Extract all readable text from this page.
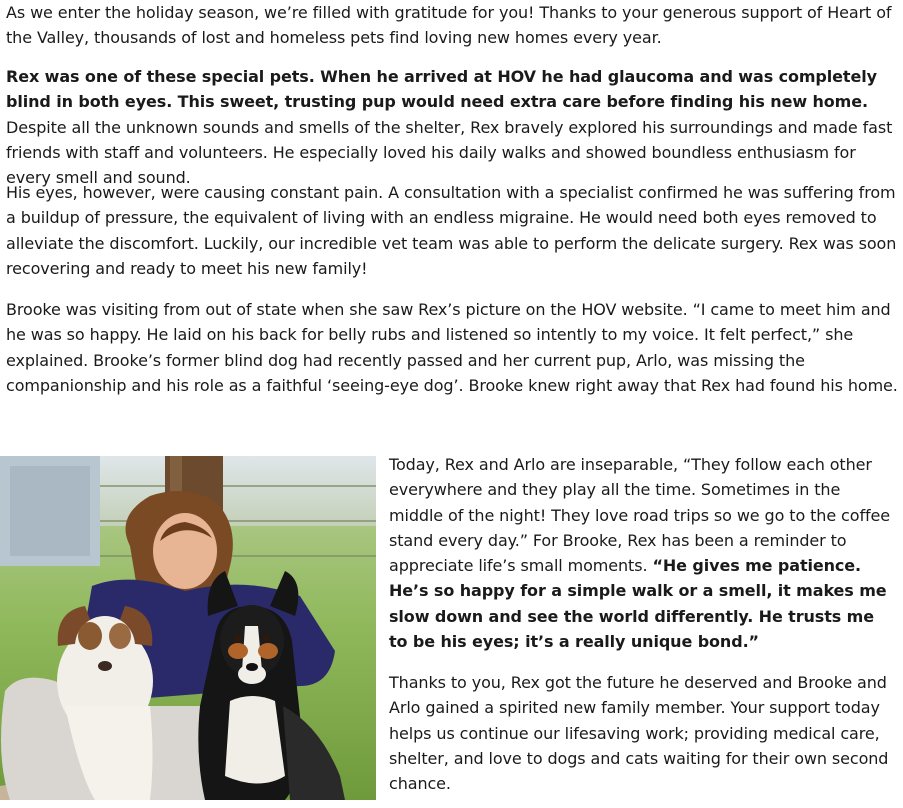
As we enter the holiday season, we’re filled with gratitude for you! Thanks to your generous support of Heart of the Valley, thousands of lost and homeless pets find loving new homes every year.

Rex was one of these special pets. When he arrived at HOV he had glaucoma and was completely blind in both eyes. This sweet, trusting pup would need extra care before finding his new home. Despite all the unknown sounds and smells of the shelter, Rex bravely explored his surroundings and made fast friends with staff and volunteers. He especially loved his daily walks and showed boundless enthusiasm for every smell and sound.

His eyes, however, were causing constant pain. A consultation with a specialist confirmed he was suffering from a buildup of pressure, the equivalent of living with an endless migraine. He would need both eyes removed to alleviate the discomfort. Luckily, our incredible vet team was able to perform the delicate surgery. Rex was soon recovering and ready to meet his new family!

Brooke was visiting from out of state when she saw Rex’s picture on the HOV website. “I came to meet him and he was so happy. He laid on his back for belly rubs and listened so intently to my voice. It felt perfect,” she explained. Brooke’s former blind dog had recently passed and her current pup, Arlo, was missing the companionship and his role as a faithful ‘seeing-eye dog’. Brooke knew right away that Rex had found his home.

Today, Rex and Arlo are inseparable, “They follow each other everywhere and they play all the time. Sometimes in the middle of the night! They love road trips so we go to the coffee stand every day.” For Brooke, Rex has been a reminder to appreciate life’s small moments. “He gives me patience. He’s so happy for a simple walk or a smell, it makes me slow down and see the world differently. He trusts me to be his eyes; it’s a really unique bond.”

Thanks to you, Rex got the future he deserved and Brooke and Arlo gained a spirited new family member. Your support today helps us continue our lifesaving work; providing medical care, shelter, and love to dogs and cats waiting for their own second chance.
